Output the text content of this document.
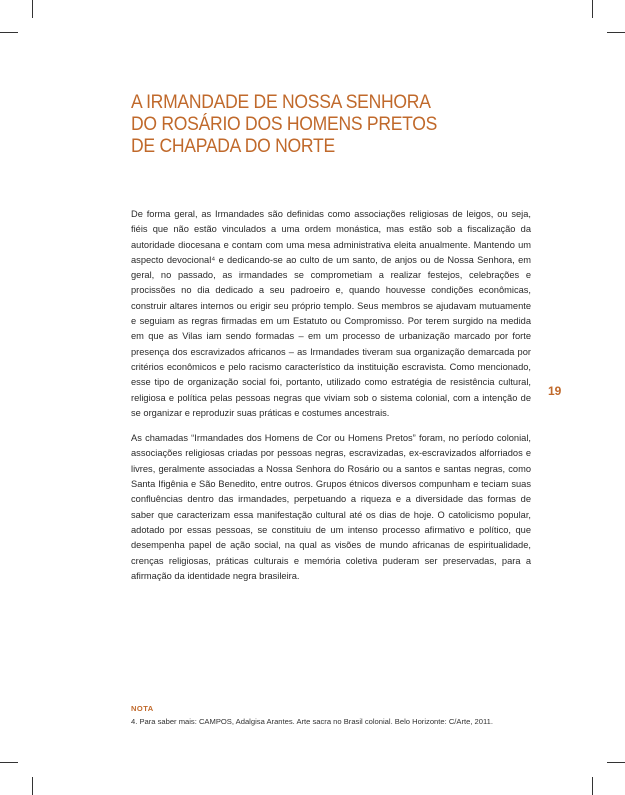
A IRMANDADE DE NOSSA SENHORA
DO ROSÁRIO DOS HOMENS PRETOS
DE CHAPADA DO NORTE

De forma geral, as Irmandades são definidas como associações religiosas de leigos, ou seja, fiéis que não estão vinculados a uma ordem monástica, mas estão sob a fiscalização da autoridade diocesana e contam com uma mesa administrativa eleita anualmente. Mantendo um aspecto devocional⁴ e dedicando-se ao culto de um santo, de anjos ou de Nossa Senhora, em geral, no passado, as irmandades se comprometiam a realizar festejos, celebrações e procissões no dia dedicado a seu padroeiro e, quando houvesse condições econômicas, construir altares internos ou erigir seu próprio templo. Seus membros se ajudavam mutuamente e seguiam as regras firmadas em um Estatuto ou Compromisso. Por terem surgido na medida em que as Vilas iam sendo formadas – em um processo de urbanização marcado por forte presença dos escravizados africanos – as Irmandades tiveram sua organização demarcada por critérios econômicos e pelo racismo característico da instituição escravista. Como mencionado, esse tipo de organização social foi, portanto, utilizado como estratégia de resistência cultural, religiosa e política pelas pessoas negras que viviam sob o sistema colonial, com a intenção de se organizar e reproduzir suas práticas e costumes ancestrais.

As chamadas “Irmandades dos Homens de Cor ou Homens Pretos” foram, no período colonial, associações religiosas criadas por pessoas negras, escravizadas, ex-escravizados alforriados e livres, geralmente associadas a Nossa Senhora do Rosário ou a santos e santas negras, como Santa Ifigênia e São Benedito, entre outros. Grupos étnicos diversos compunham e teciam suas confluências dentro das irmandades, perpetuando a riqueza e a diversidade das formas de saber que caracterizam essa manifestação cultural até os dias de hoje. O catolicismo popular, adotado por essas pessoas, se constituiu de um intenso processo afirmativo e político, que desempenha papel de ação social, na qual as visões de mundo africanas de espiritualidade, crenças religiosas, práticas culturais e memória coletiva puderam ser preservadas, para a afirmação da identidade negra brasileira.

19
NOTA
4. Para saber mais: CAMPOS, Adalgisa Arantes. Arte sacra no Brasil colonial. Belo Horizonte: C/Arte, 2011.
